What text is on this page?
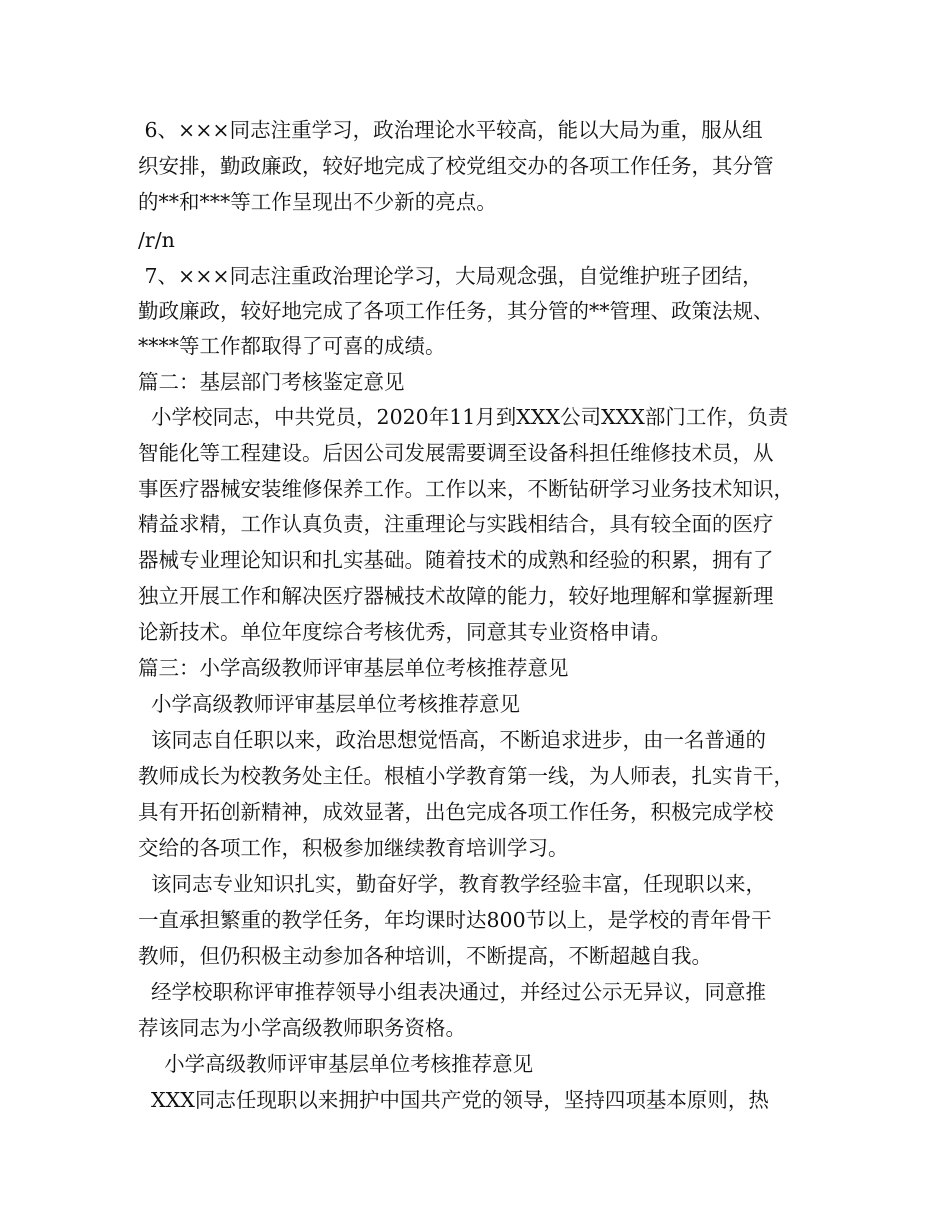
6、×××同志注重学习，政治理论水平较高，能以大局为重，服从组
织安排，勤政廉政，较好地完成了校党组交办的各项工作任务，其分管
的**和***等工作呈现出不少新的亮点。
/r/n
7、×××同志注重政治理论学习，大局观念强，自觉维护班子团结，
勤政廉政，较好地完成了各项工作任务，其分管的**管理、政策法规、
****等工作都取得了可喜的成绩。
篇二：基层部门考核鉴定意见
小学校同志，中共党员，2020年11月到XXX公司XXX部门工作，负责
智能化等工程建设。后因公司发展需要调至设备科担任维修技术员，从
事医疗器械安装维修保养工作。工作以来，不断钻研学习业务技术知识，
精益求精，工作认真负责，注重理论与实践相结合，具有较全面的医疗
器械专业理论知识和扎实基础。随着技术的成熟和经验的积累，拥有了
独立开展工作和解决医疗器械技术故障的能力，较好地理解和掌握新理
论新技术。单位年度综合考核优秀，同意其专业资格申请。
篇三：小学高级教师评审基层单位考核推荐意见
小学高级教师评审基层单位考核推荐意见
该同志自任职以来，政治思想觉悟高，不断追求进步，由一名普通的
教师成长为校教务处主任。根植小学教育第一线，为人师表，扎实肯干，
具有开拓创新精神，成效显著，出色完成各项工作任务，积极完成学校
交给的各项工作，积极参加继续教育培训学习。
该同志专业知识扎实，勤奋好学，教育教学经验丰富，任现职以来，
一直承担繁重的教学任务，年均课时达800节以上，是学校的青年骨干
教师，但仍积极主动参加各种培训，不断提高，不断超越自我。
经学校职称评审推荐领导小组表决通过，并经过公示无异议，同意推
荐该同志为小学高级教师职务资格。
小学高级教师评审基层单位考核推荐意见
XXX同志任现职以来拥护中国共产党的领导，坚持四项基本原则，热
